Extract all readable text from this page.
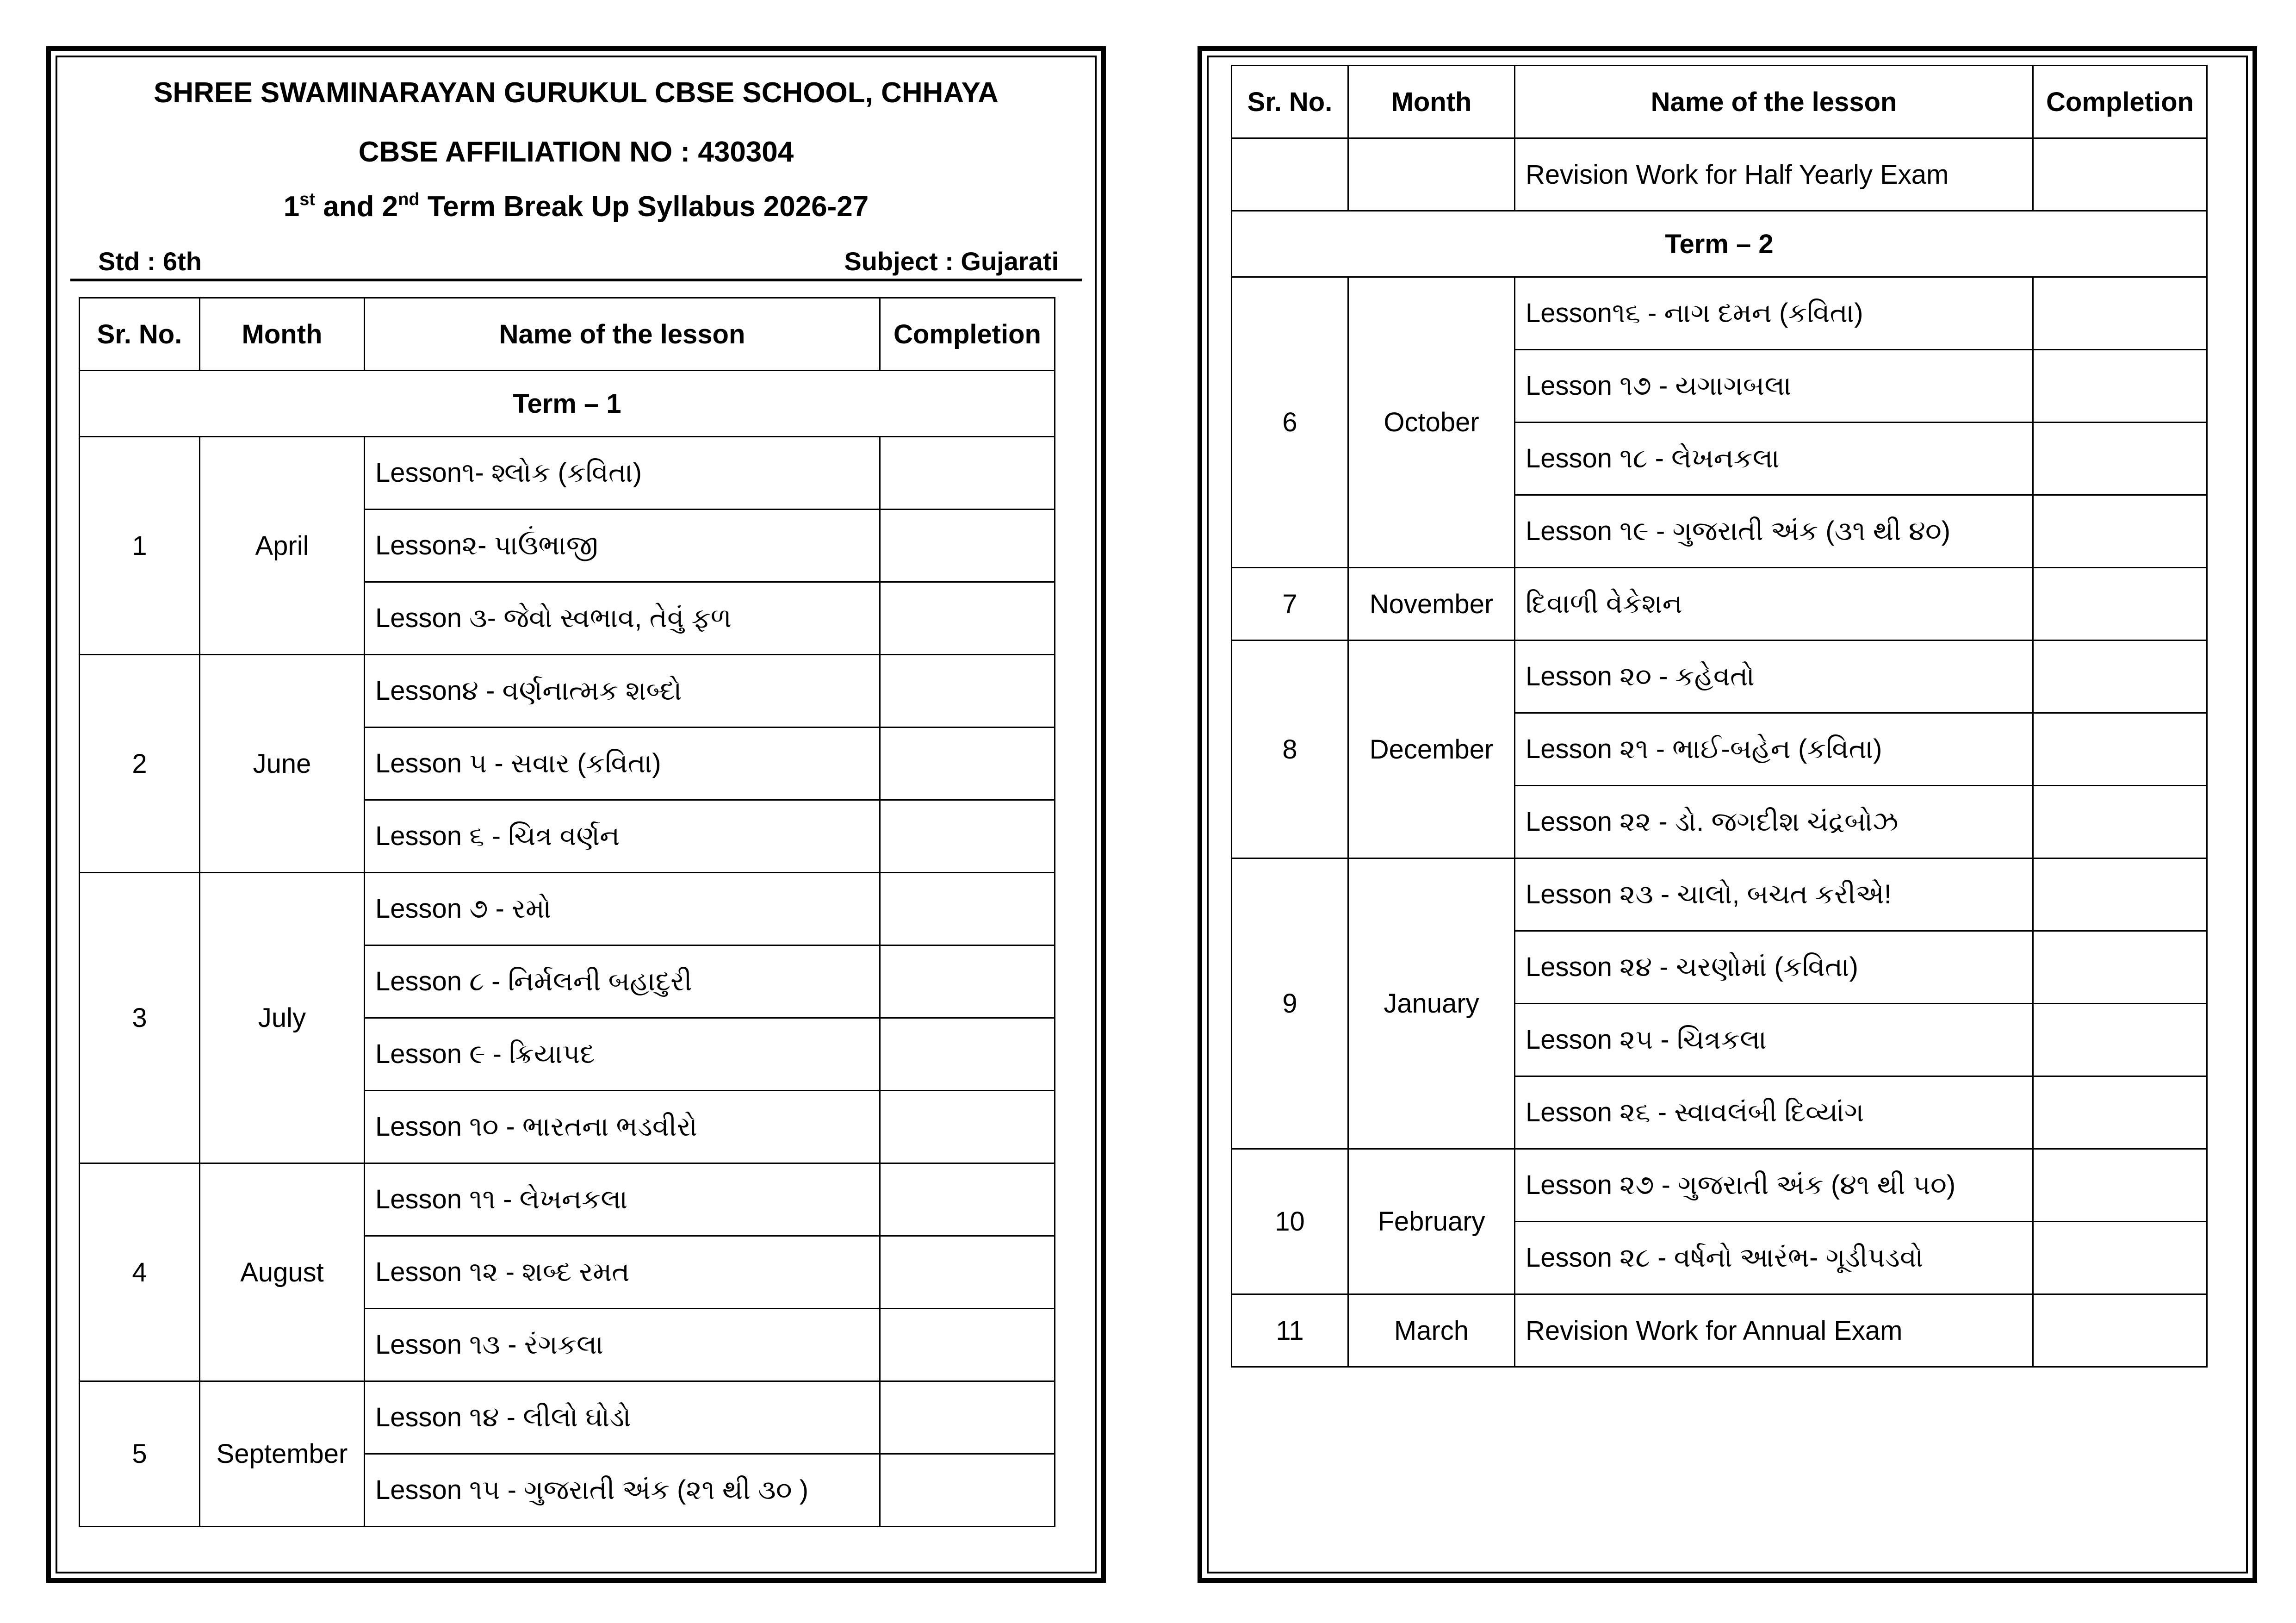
SHREE SWAMINARAYAN GURUKUL CBSE SCHOOL, CHHAYA
CBSE AFFILIATION NO : 430304
1st and 2nd Term Break Up Syllabus 2026-27
Std : 6th	Subject : Gujarati
Sr. No.	Month	Name of the lesson	Completion
Term – 1			
1	April	Lesson૧- શ્લોક (કવિતા)	
		Lesson૨- પાઉંભાજી	
		Lesson ૩- જેવો સ્વભાવ, તેવું ફળ	
2	June	Lesson૪ - વર્ણનાત્મક શબ્દો	
		Lesson ૫ - સવાર (કવિતા)	
		Lesson ૬ - ચિત્ર વર્ણન	
3	July	Lesson ૭ - રમો	
		Lesson ૮ - નિર્મલની બહાદુરી	
		Lesson ૯ - ક્રિયાપદ	
		Lesson ૧૦ - ભારતના ભડવીરો	
4	August	Lesson ૧૧ - લેખનકલા	
		Lesson ૧૨ - શબ્દ રમત	
		Lesson ૧૩ - રંગકલા	
5	September	Lesson ૧૪ - લીલો ઘોડો	
		Lesson ૧૫ - ગુજરાતી અંક (૨૧ થી ૩૦ )	
Sr. No.	Month	Name of the lesson	Completion
		Revision Work for Half Yearly Exam	
Term – 2			
6	October	Lesson૧૬ - નાગ દમન (કવિતા)	
		Lesson ૧૭ - યગાગબલા	
		Lesson ૧૮ - લેખનકલા	
		Lesson ૧૯ - ગુજરાતી અંક (૩૧ થી ૪૦)	
7	November	દિવાળી વેકેશન	
8	December	Lesson ૨૦ - કહેવતો	
		Lesson ૨૧ - ભાઈ-બહેન (કવિતા)	
		Lesson ૨૨ - ડો. જગદીશ ચંદ્રબોઝ	
9	January	Lesson ૨૩ - ચાલો, બચત કરીએ!	
		Lesson ૨૪ - ચરણોમાં (કવિતા)	
		Lesson ૨૫ - ચિત્રકલા	
		Lesson ૨૬ - સ્વાવલંબી દિવ્યાંગ	
10	February	Lesson ૨૭ - ગુજરાતી અંક (૪૧ થી ૫૦)	
		Lesson ૨૮ - વર્ષનો આરંભ- ગૂડીપડવો	
11	March	Revision Work for Annual Exam	
